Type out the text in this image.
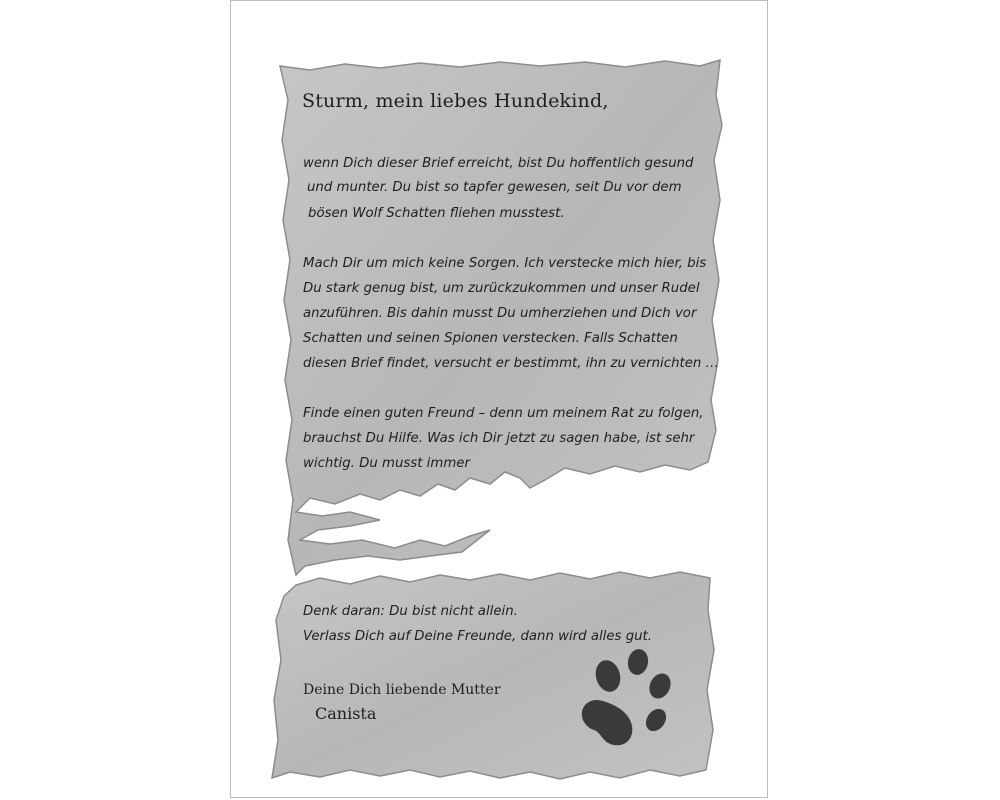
Sturm, mein liebes Hundekind,
wenn Dich dieser Brief erreicht, bist Du hoffentlich gesund
und munter. Du bist so tapfer gewesen, seit Du vor dem
bösen Wolf Schatten fliehen musstest.
Mach Dir um mich keine Sorgen. Ich verstecke mich hier, bis
Du stark genug bist, um zurückzukommen und unser Rudel
anzuführen. Bis dahin musst Du umherziehen und Dich vor
Schatten und seinen Spionen verstecken. Falls Schatten
diesen Brief findet, versucht er bestimmt, ihn zu vernichten …
Finde einen guten Freund – denn um meinem Rat zu folgen,
brauchst Du Hilfe. Was ich Dir jetzt zu sagen habe, ist sehr
wichtig. Du musst immer
Denk daran: Du bist nicht allein.
Verlass Dich auf Deine Freunde, dann wird alles gut.
Deine Dich liebende Mutter
Canista
